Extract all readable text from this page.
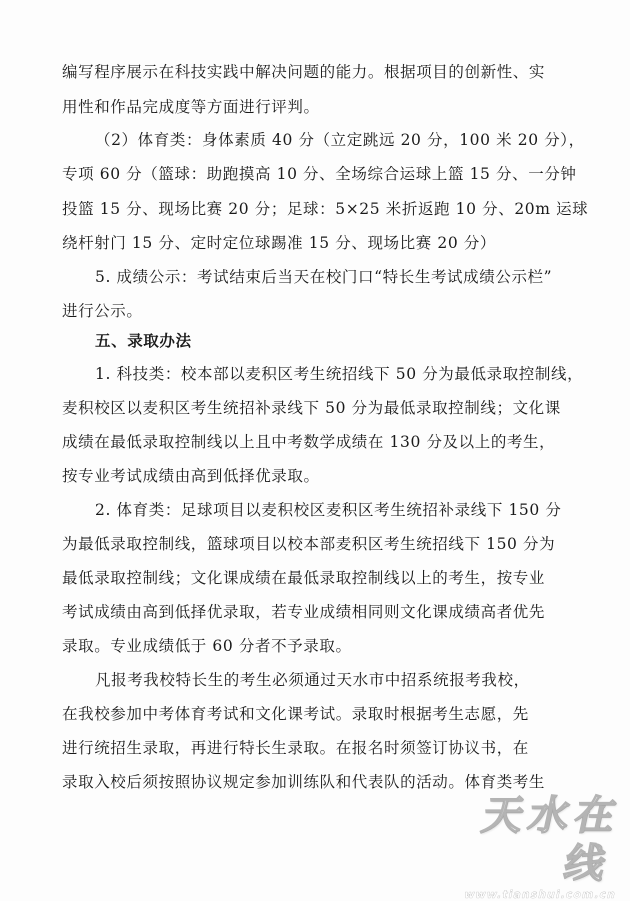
编写程序展示在科技实践中解决问题的能力。根据项目的创新性、实
用性和作品完成度等方面进行评判。
（2）体育类：身体素质 40 分（立定跳远 20 分，100 米 20 分），
专项 60 分（篮球：助跑摸高 10 分、全场综合运球上篮 15 分、一分钟
投篮 15 分、现场比赛 20 分；足球：5×25 米折返跑 10 分、20m 运球
绕杆射门 15 分、定时定位球踢准 15 分、现场比赛 20 分）
5. 成绩公示：考试结束后当天在校门口“特长生考试成绩公示栏”
进行公示。
五、录取办法
1. 科技类：校本部以麦积区考生统招线下 50 分为最低录取控制线，
麦积校区以麦积区考生统招补录线下 50 分为最低录取控制线；文化课
成绩在最低录取控制线以上且中考数学成绩在 130 分及以上的考生，
按专业考试成绩由高到低择优录取。
2. 体育类：足球项目以麦积校区麦积区考生统招补录线下 150 分
为最低录取控制线，篮球项目以校本部麦积区考生统招线下 150 分为
最低录取控制线；文化课成绩在最低录取控制线以上的考生，按专业
考试成绩由高到低择优录取，若专业成绩相同则文化课成绩高者优先
录取。专业成绩低于 60 分者不予录取。
凡报考我校特长生的考生必须通过天水市中招系统报考我校，
在我校参加中考体育考试和文化课考试。录取时根据考生志愿，先
进行统招生录取，再进行特长生录取。在报名时须签订协议书，在
录取入校后须按照协议规定参加训练队和代表队的活动。体育类考生
天水在线
www.tianshui.com.cn
